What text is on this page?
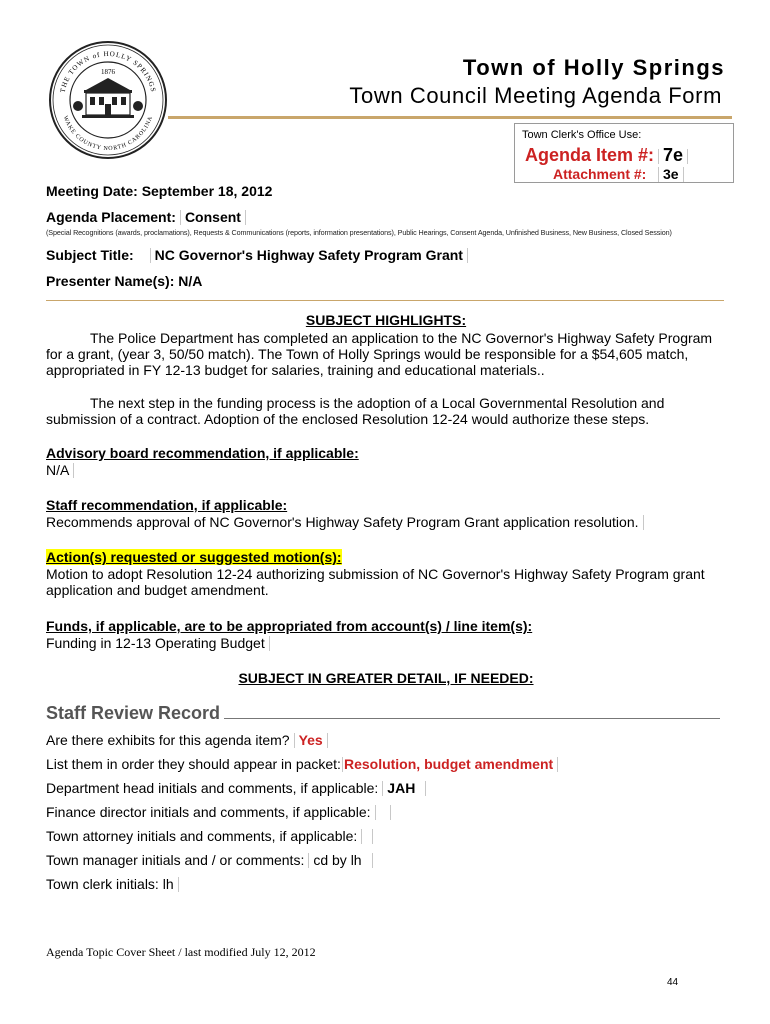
THE TOWN of HOLLY SPRINGS
WAKE COUNTY NORTH CAROLINA
1876	Town of Holly Springs
Town Council Meeting Agenda Form
Town Clerk's Office Use:
Agenda Item #: 7e
Attachment #: 3e
Meeting Date: September 18, 2012
Agenda Placement: Consent
(Special Recognitions (awards, proclamations), Requests & Communications (reports, information presentations), Public Hearings, Consent Agenda, Unfinished Business, New Business, Closed Session)
Subject Title: NC Governor's Highway Safety Program Grant
Presenter Name(s): N/A
SUBJECT HIGHLIGHTS:
The Police Department has completed an application to the NC Governor's Highway Safety Program for a grant, (year 3, 50/50 match). The Town of Holly Springs would be responsible for a $54,605 match, appropriated in FY 12-13 budget for salaries, training and educational materials..
The next step in the funding process is the adoption of a Local Governmental Resolution and submission of a contract. Adoption of the enclosed Resolution 12-24 would authorize these steps.
Advisory board recommendation, if applicable:
N/A
Staff recommendation, if applicable:
Recommends approval of NC Governor's Highway Safety Program Grant application resolution.
Action(s) requested or suggested motion(s):
Motion to adopt Resolution 12-24 authorizing submission of NC Governor's Highway Safety Program grant application and budget amendment.
Funds, if applicable, are to be appropriated from account(s) / line item(s):
Funding in 12-13 Operating Budget
SUBJECT IN GREATER DETAIL, IF NEEDED:
Staff Review Record
Are there exhibits for this agenda item? Yes
List them in order they should appear in packet: Resolution, budget amendment
Department head initials and comments, if applicable: JAH
Finance director initials and comments, if applicable:
Town attorney initials and comments, if applicable:
Town manager initials and / or comments: cd by lh
Town clerk initials: lh
Agenda Topic Cover Sheet / last modified July 12, 2012
44
